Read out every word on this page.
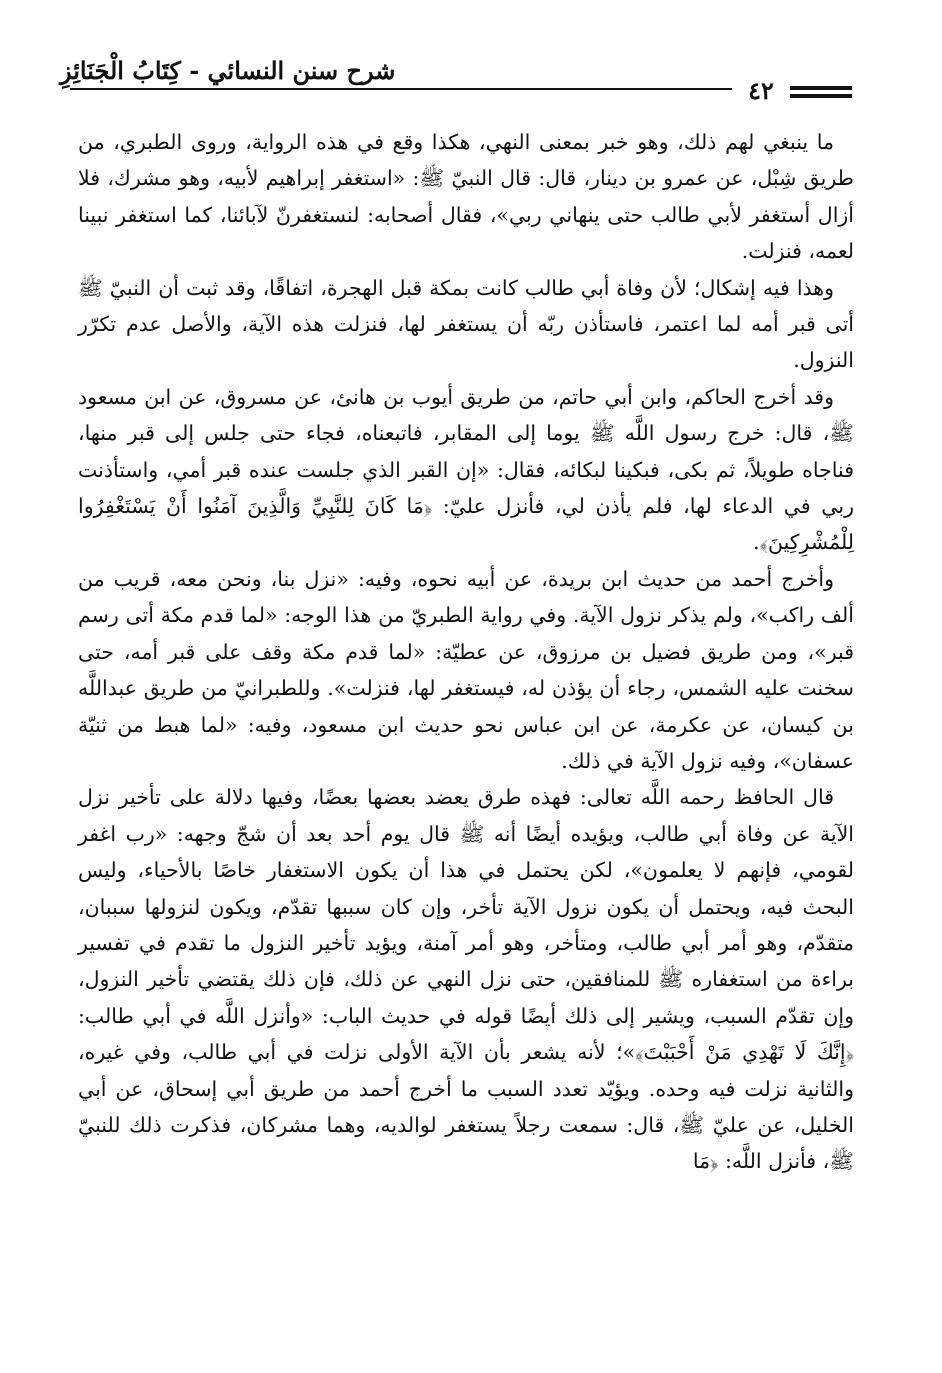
شرح سنن النسائي - كِتَابُ الْجَنَائِزِ
٤٢

ما ينبغي لهم ذلك، وهو خبر بمعنى النهي، هكذا وقع في هذه الرواية، وروى الطبري، من طريق شِبْل، عن عمرو بن دينار، قال: قال النبيّ ﷺ: «استغفر إبراهيم لأبيه، وهو مشرك، فلا أزال أستغفر لأبي طالب حتى ينهاني ربي»، فقال أصحابه: لنستغفرنّ لآبائنا، كما استغفر نبينا لعمه، فنزلت.

وهذا فيه إشكال؛ لأن وفاة أبي طالب كانت بمكة قبل الهجرة، اتفاقًا، وقد ثبت أن النبيّ ﷺ أتى قبر أمه لما اعتمر، فاستأذن ربّه أن يستغفر لها، فنزلت هذه الآية، والأصل عدم تكرّر النزول.

وقد أخرج الحاكم، وابن أبي حاتم، من طريق أيوب بن هانئ، عن مسروق، عن ابن مسعود ﷺ، قال: خرج رسول اللَّه ﷺ يوما إلى المقابر، فاتبعناه، فجاء حتى جلس إلى قبر منها، فناجاه طويلاً، ثم بكى، فبكينا لبكائه، فقال: «إن القبر الذي جلست عنده قبر أمي، واستأذنت ربي في الدعاء لها، فلم يأذن لي، فأنزل عليّ: ﴿مَا كَانَ لِلنَّبِيِّ وَالَّذِينَ آمَنُوا أَنْ يَسْتَغْفِرُوا لِلْمُشْرِكِينَ﴾.

وأخرج أحمد من حديث ابن بريدة، عن أبيه نحوه، وفيه: «نزل بنا، ونحن معه، قريب من ألف راكب»، ولم يذكر نزول الآية. وفي رواية الطبريّ من هذا الوجه: «لما قدم مكة أتى رسم قبر»، ومن طريق فضيل بن مرزوق، عن عطيّة: «لما قدم مكة وقف على قبر أمه، حتى سخنت عليه الشمس، رجاء أن يؤذن له، فيستغفر لها، فنزلت». وللطبرانيّ من طريق عبداللَّه بن كيسان، عن عكرمة، عن ابن عباس نحو حديث ابن مسعود، وفيه: «لما هبط من ثنيّة عسفان»، وفيه نزول الآية في ذلك.

قال الحافظ رحمه اللَّه تعالى: فهذه طرق يعضد بعضها بعضًا، وفيها دلالة على تأخير نزل الآية عن وفاة أبي طالب، ويؤيده أيضًا أنه ﷺ قال يوم أحد بعد أن شجّ وجهه: «رب اغفر لقومي، فإنهم لا يعلمون»، لكن يحتمل في هذا أن يكون الاستغفار خاصًا بالأحياء، وليس البحث فيه، ويحتمل أن يكون نزول الآية تأخر، وإن كان سببها تقدّم، ويكون لنزولها سببان، متقدّم، وهو أمر أبي طالب، ومتأخر، وهو أمر آمنة، ويؤيد تأخير النزول ما تقدم في تفسير براءة من استغفاره ﷺ للمنافقين، حتى نزل النهي عن ذلك، فإن ذلك يقتضي تأخير النزول، وإن تقدّم السبب، ويشير إلى ذلك أيضًا قوله في حديث الباب: «وأنزل اللَّه في أبي طالب: ﴿إِنَّكَ لَا تَهْدِي مَنْ أَحْبَبْتَ﴾»؛ لأنه يشعر بأن الآية الأولى نزلت في أبي طالب، وفي غيره، والثانية نزلت فيه وحده. ويؤيّد تعدد السبب ما أخرج أحمد من طريق أبي إسحاق، عن أبي الخليل، عن عليّ ﷺ، قال: سمعت رجلاً يستغفر لوالديه، وهما مشركان، فذكرت ذلك للنبيّ ﷺ، فأنزل اللَّه: ﴿مَا
